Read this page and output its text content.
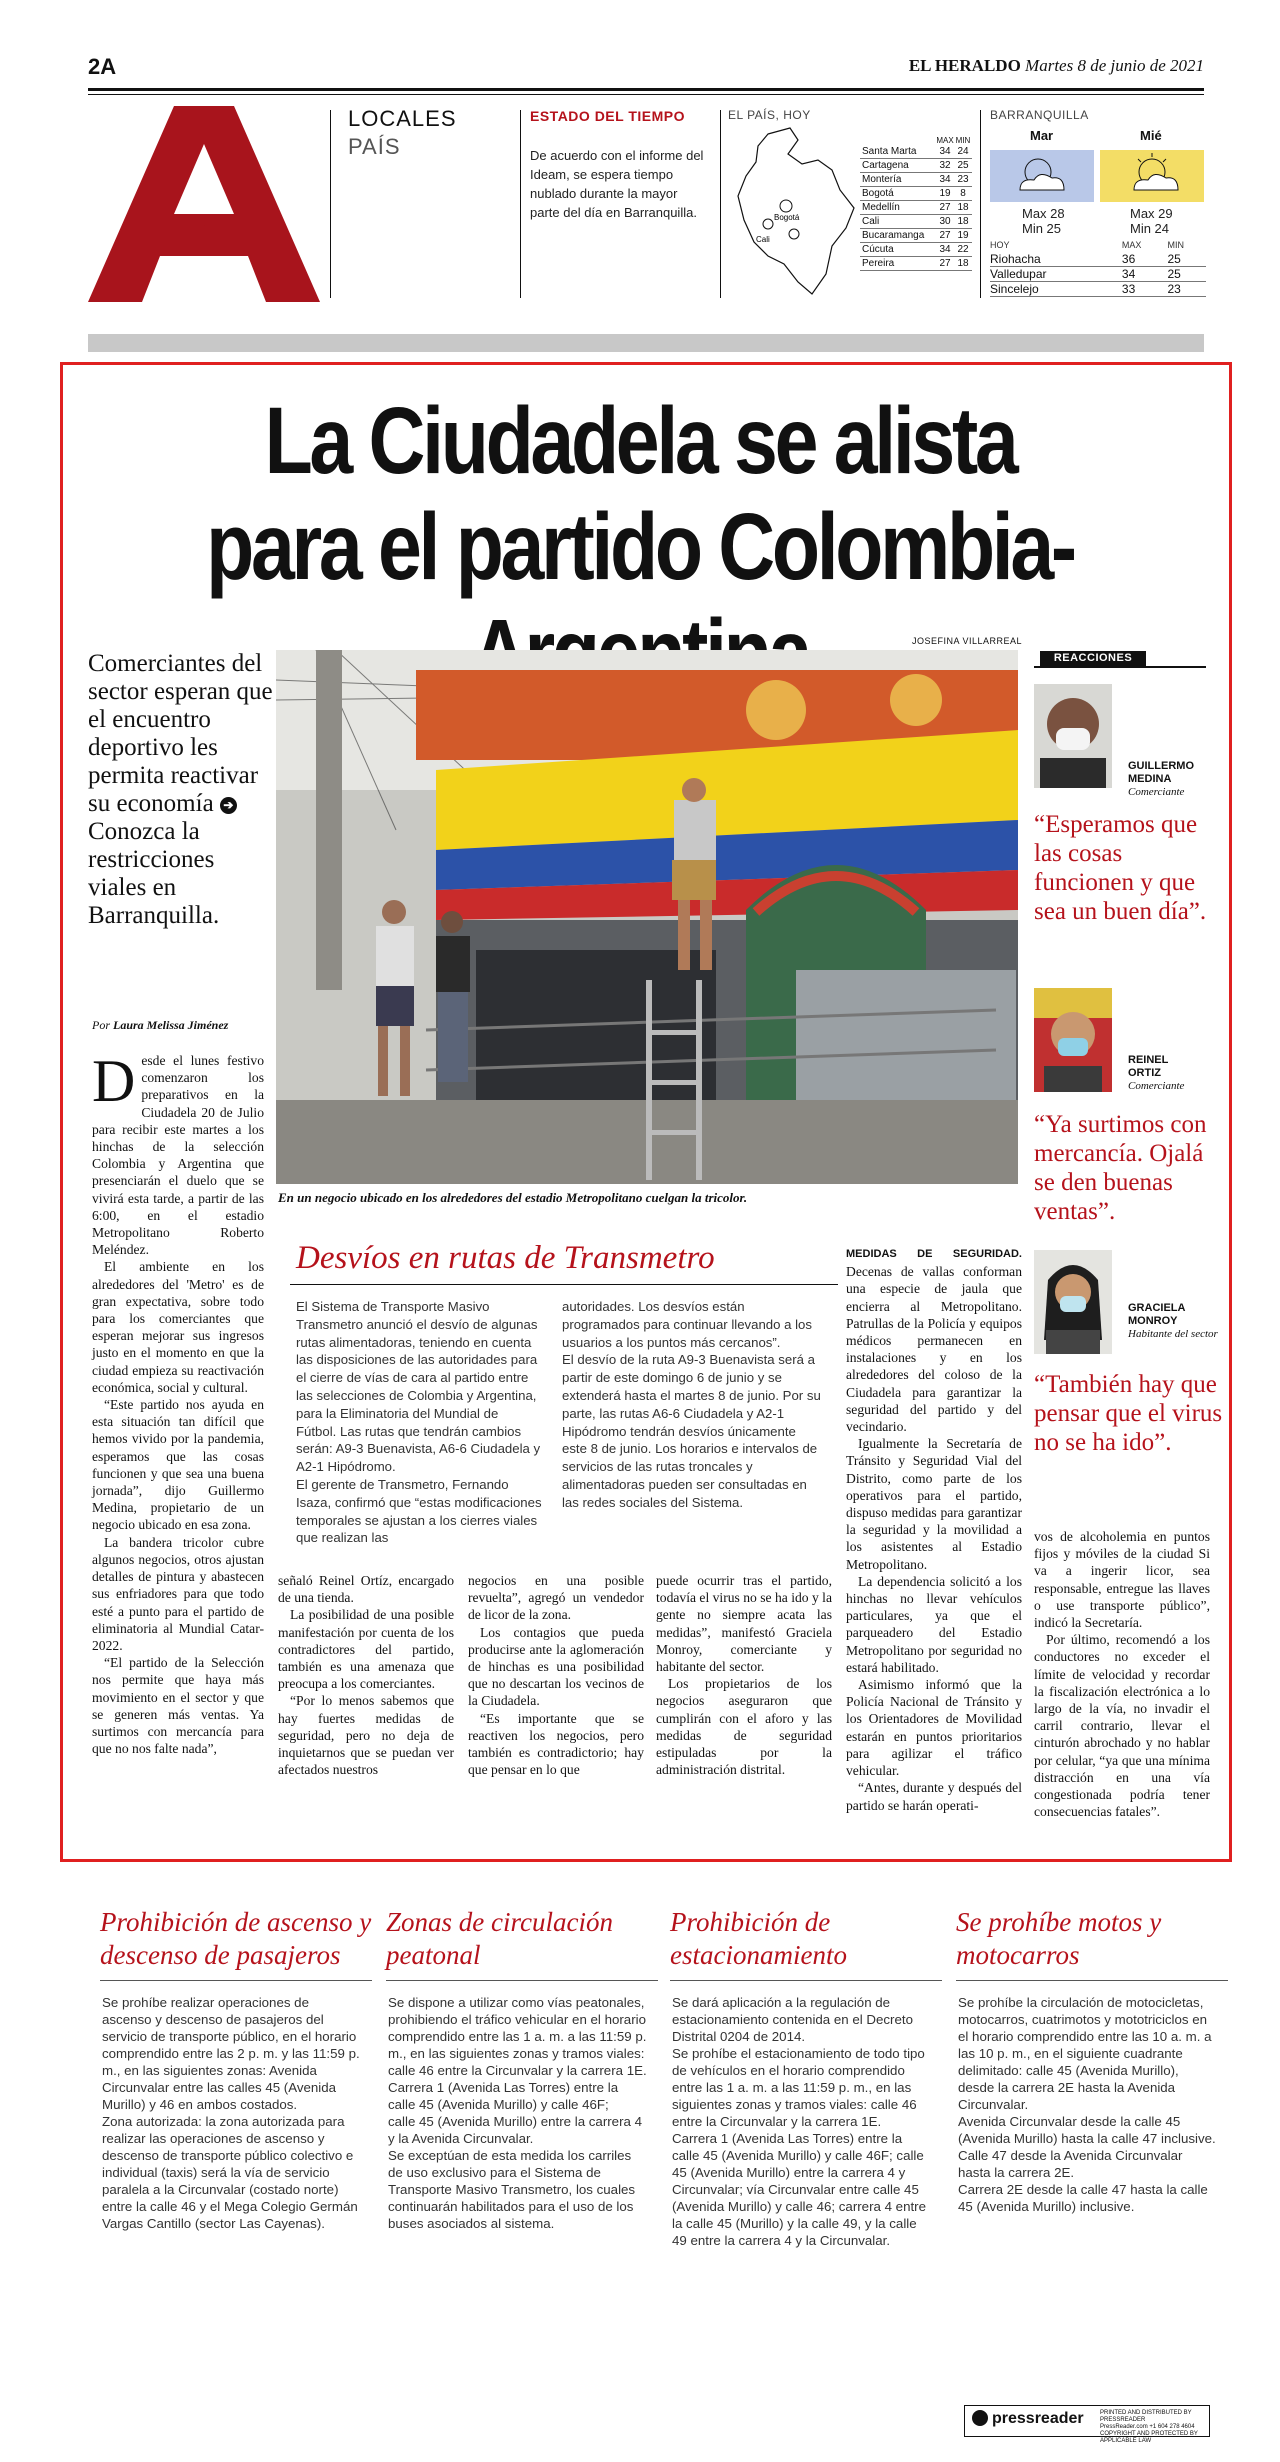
2A	EL HERALDO Martes 8 de junio de 2021
A
LOCALES
PAÍS
ESTADO DEL TIEMPO
De acuerdo con el informe del Ideam, se espera tiempo nublado durante la mayor parte del día en Barranquilla.
EL PAÍS, HOY
Bogotá
Cali
	MAX	MIN
Santa Marta	34	24
Cartagena	32	25
Montería	34	23
Bogotá	19	8
Medellín	27	18
Cali	30	18
Bucaramanga	27	19
Cúcuta	34	22
Pereira	27	18
BARRANQUILLA
Mar	Mié
Max 28
Min 25
Max 29
Min 24
HOY	MAX	MIN
Riohacha	36	25
Valledupar	34	25
Sincelejo	33	23
La Ciudadela se alista para el partido Colombia-
JOSEFINA VILLARREAL
Comerciantes del sector esperan que el encuentro deportivo les permita reactivar su economía ➔ Conozca la restricciones viales en Barranquilla.
Por Laura Melissa Jiménez

Desde el lunes festivo comenzaron los preparativos en la Ciudadela 20 de Julio para recibir este martes a los hinchas de la selección Colombia y Argentina que presenciarán el duelo que se vivirá esta tarde, a partir de las 6:00, en el estadio Metropolitano Roberto Meléndez.

El ambiente en los alrededores del 'Metro' es de gran expectativa, sobre todo para los comerciantes que esperan mejorar sus ingresos justo en el momento en que la ciudad empieza su reactivación económica, social y cultural.

“Este partido nos ayuda en esta situación tan difícil que hemos vivido por la pandemia, esperamos que las cosas funcionen y que sea una buena jornada”, dijo Guillermo Medina, propietario de un negocio ubicado en esa zona.

La bandera tricolor cubre algunos negocios, otros ajustan detalles de pintura y abastecen sus enfriadores para que todo esté a punto para el partido de eliminatoria al Mundial Catar-2022.

“El partido de la Selección nos permite que haya más movimiento en el sector y que se generen más ventas. Ya surtimos con mercancía para que no nos falte nada”,

En un negocio ubicado en los alrededores del estadio Metropolitano cuelgan la tricolor.
Desvíos en rutas de Transmetro
El Sistema de Transporte Masivo Transmetro anunció el desvío de algunas rutas alimentadoras, teniendo en cuenta las disposiciones de las autoridades para el cierre de vías de cara al partido entre las selecciones de Colombia y Argentina, para la Eliminatoria del Mundial de Fútbol. Las rutas que tendrán cambios serán: A9-3 Buenavista, A6-6 Ciudadela y A2-1 Hipódromo.
El gerente de Transmetro, Fernando Isaza, confirmó que “estas modificaciones temporales se ajustan a los cierres viales que realizan las
autoridades. Los desvíos están programados para continuar llevando a los usuarios a los puntos más cercanos”.
El desvío de la ruta A9-3 Buenavista será a partir de este domingo 6 de junio y se extenderá hasta el martes 8 de junio. Por su parte, las rutas A6-6 Ciudadela y A2-1 Hipódromo tendrán desvíos únicamente este 8 de junio. Los horarios e intervalos de servicios de las rutas troncales y alimentadoras pueden ser consultadas en las redes sociales del Sistema.

señaló Reinel Ortíz, encargado de una tienda.

La posibilidad de una posible manifestación por cuenta de los contradictores del partido, también es una amenaza que preocupa a los comerciantes.

“Por lo menos sabemos que hay fuertes medidas de seguridad, pero no deja de inquietarnos que se puedan ver afectados nuestros

negocios en una posible revuelta”, agregó un vendedor de licor de la zona.

Los contagios que pueda producirse ante la aglomeración de hinchas es una posibilidad que no descartan los vecinos de la Ciudadela.

“Es importante que se reactiven los negocios, pero también es contradictorio; hay que pensar en lo que

puede ocurrir tras el partido, todavía el virus no se ha ido y la gente no siempre acata las medidas”, manifestó Graciela Monroy, comerciante y habitante del sector.

Los propietarios de los negocios aseguraron que cumplirán con el aforo y las medidas de seguridad estipuladas por la administración distrital.

MEDIDAS DE SEGURIDAD. Decenas de vallas conforman una especie de jaula que encierra al Metropolitano. Patrullas de la Policía y equipos médicos permanecen en instalaciones y en los alrededores del coloso de la Ciudadela para garantizar la seguridad del partido y del vecindario.

Igualmente la Secretaría de Tránsito y Seguridad Vial del Distrito, como parte de los operativos para el partido, dispuso medidas para garantizar la seguridad y la movilidad a los asistentes al Estadio Metropolitano.

La dependencia solicitó a los hinchas no llevar vehículos particulares, ya que el parqueadero del Estadio Metropolitano por seguridad no estará habilitado.

Asimismo informó que la Policía Nacional de Tránsito y los Orientadores de Movilidad estarán en puntos prioritarios para agilizar el tráfico vehicular.

“Antes, durante y después del partido se harán operati-

vos de alcoholemia en puntos fijos y móviles de la ciudad Si va a ingerir licor, sea responsable, entregue las llaves o use transporte público”, indicó la Secretaría.

Por último, recomendó a los conductores no exceder el límite de velocidad y recordar la fiscalización electrónica a lo largo de la vía, no invadir el carril contrario, llevar el cinturón abrochado y no hablar por celular, “ya que una mínima distracción en una vía congestionada podría tener consecuencias fatales”.

REACCIONES
GUILLERMO
MEDINA
Comerciante
“Esperamos que las cosas funcionen y que sea un buen día”.
REINEL
ORTIZ
Comerciante
“Ya surtimos con mercancía. Ojalá se den buenas ventas”.
GRACIELA
MONROY
Habitante del sector
“También hay que pensar que el virus no se ha ido”.
Prohibición de ascenso y descenso de pasajeros
Zonas de circulación peatonal
Prohibición de estacionamiento
Se prohíbe motos y motocarros
Se prohíbe realizar operaciones de ascenso y descenso de pasajeros del servicio de transporte público, en el horario comprendido entre las 2 p. m. y las 11:59 p. m., en las siguientes zonas: Avenida Circunvalar entre las calles 45 (Avenida Murillo) y 46 en ambos costados.
Zona autorizada: la zona autorizada para realizar las operaciones de ascenso y descenso de transporte público colectivo e individual (taxis) será la vía de servicio paralela a la Circunvalar (costado norte) entre la calle 46 y el Mega Colegio Germán Vargas Cantillo (sector Las Cayenas).
Se dispone a utilizar como vías peatonales, prohibiendo el tráfico vehicular en el horario comprendido entre las 1 a. m. a las 11:59 p. m., en las siguientes zonas y tramos viales: calle 46 entre la Circunvalar y la carrera 1E.
Carrera 1 (Avenida Las Torres) entre la calle 45 (Avenida Murillo) y calle 46F;
calle 45 (Avenida Murillo) entre la carrera 4 y la Avenida Circunvalar.
Se exceptúan de esta medida los carriles de uso exclusivo para el Sistema de Transporte Masivo Transmetro, los cuales continuarán habilitados para el uso de los buses asociados al sistema.
Se dará aplicación a la regulación de estacionamiento contenida en el Decreto Distrital 0204 de 2014.
Se prohíbe el estacionamiento de todo tipo de vehículos en el horario comprendido entre las 1 a. m. a las 11:59 p. m., en las siguientes zonas y tramos viales: calle 46 entre la Circunvalar y la carrera 1E.
Carrera 1 (Avenida Las Torres) entre la calle 45 (Avenida Murillo) y calle 46F; calle 45 (Avenida Murillo) entre la carrera 4 y Circunvalar; vía Circunvalar entre calle 45 (Avenida Murillo) y calle 46; carrera 4 entre la calle 45 (Murillo) y la calle 49, y la calle 49 entre la carrera 4 y la Circunvalar.
Se prohíbe la circulación de motocicletas, motocarros, cuatrimotos y mototriciclos en el horario comprendido entre las 10 a. m. a las 10 p. m., en el siguiente cuadrante delimitado: calle 45 (Avenida Murillo), desde la carrera 2E hasta la Avenida Circunvalar.
Avenida Circunvalar desde la calle 45 (Avenida Murillo) hasta la calle 47 inclusive.
Calle 47 desde la Avenida Circunvalar hasta la carrera 2E.
Carrera 2E desde la calle 47 hasta la calle 45 (Avenida Murillo) inclusive.
pressreader	PRINTED AND DISTRIBUTED BY PRESSREADER
PressReader.com +1 604 278 4604
COPYRIGHT AND PROTECTED BY APPLICABLE LAW
